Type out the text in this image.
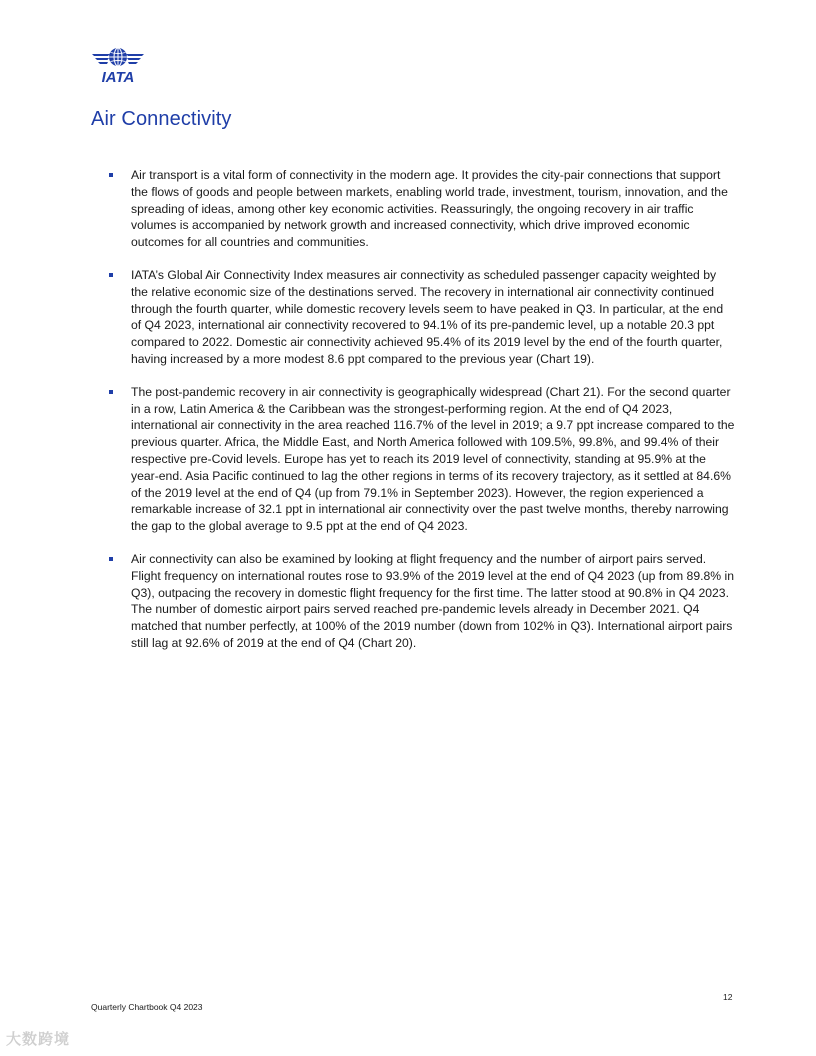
IATA
Air Connectivity
Air transport is a vital form of connectivity in the modern age. It provides the city-pair connections that support the flows of goods and people between markets, enabling world trade, investment, tourism, innovation, and the spreading of ideas, among other key economic activities. Reassuringly, the ongoing recovery in air traffic volumes is accompanied by network growth and increased connectivity, which drive improved economic outcomes for all countries and communities.
IATA’s Global Air Connectivity Index measures air connectivity as scheduled passenger capacity weighted by the relative economic size of the destinations served. The recovery in international air connectivity continued through the fourth quarter, while domestic recovery levels seem to have peaked in Q3. In particular, at the end of Q4 2023, international air connectivity recovered to 94.1% of its pre-pandemic level, up a notable 20.3 ppt compared to 2022. Domestic air connectivity achieved 95.4% of its 2019 level by the end of the fourth quarter, having increased by a more modest 8.6 ppt compared to the previous year (Chart 19).
The post-pandemic recovery in air connectivity is geographically widespread (Chart 21). For the second quarter in a row, Latin America & the Caribbean was the strongest-performing region. At the end of Q4 2023, international air connectivity in the area reached 116.7% of the level in 2019; a 9.7 ppt increase compared to the previous quarter. Africa, the Middle East, and North America followed with 109.5%, 99.8%, and 99.4% of their respective pre-Covid levels. Europe has yet to reach its 2019 level of connectivity, standing at 95.9% at the year-end. Asia Pacific continued to lag the other regions in terms of its recovery trajectory, as it settled at 84.6% of the 2019 level at the end of Q4 (up from 79.1% in September 2023). However, the region experienced a remarkable increase of 32.1 ppt in international air connectivity over the past twelve months, thereby narrowing the gap to the global average to 9.5 ppt at the end of Q4 2023.
Air connectivity can also be examined by looking at flight frequency and the number of airport pairs served. Flight frequency on international routes rose to 93.9% of the 2019 level at the end of Q4 2023 (up from 89.8% in Q3), outpacing the recovery in domestic flight frequency for the first time. The latter stood at 90.8% in Q4 2023. The number of domestic airport pairs served reached pre-pandemic levels already in December 2021. Q4 matched that number perfectly, at 100% of the 2019 number (down from 102% in Q3). International airport pairs still lag at 92.6% of 2019 at the end of Q4 (Chart 20).
12
Quarterly Chartbook Q4 2023
大数跨境
